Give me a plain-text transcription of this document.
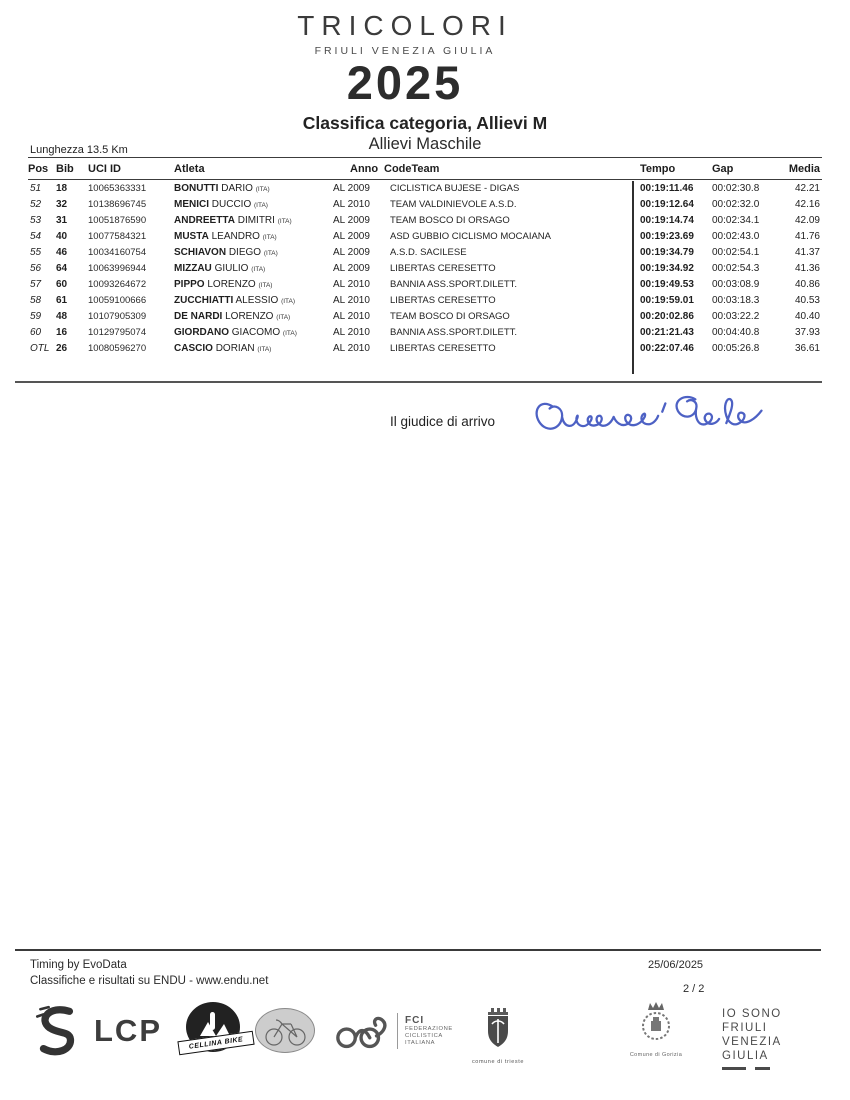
TRICOLORI
FRIULI VENEZIA GIULIA
2025
Classifica categoria, Allievi M
Allievi Maschile
Lunghezza 13.5 Km
Pos	Bib	UCI ID	Atleta	Anno	CodeTeam	Tempo	Gap	Media
51	18	10065363331	BONUTTI DARIO (ITA)	AL 2009	CICLISTICA BUJESE - DIGAS	00:19:11.46	00:02:30.8	42.21
52	32	10138696745	MENICI DUCCIO (ITA)	AL 2010	TEAM VALDINIEVOLE A.S.D.	00:19:12.64	00:02:32.0	42.16
53	31	10051876590	ANDREETTA DIMITRI (ITA)	AL 2009	TEAM BOSCO DI ORSAGO	00:19:14.74	00:02:34.1	42.09
54	40	10077584321	MUSTA LEANDRO (ITA)	AL 2009	ASD GUBBIO CICLISMO MOCAIANA	00:19:23.69	00:02:43.0	41.76
55	46	10034160754	SCHIAVON DIEGO (ITA)	AL 2009	A.S.D. SACILESE	00:19:34.79	00:02:54.1	41.37
56	64	10063996944	MIZZAU GIULIO (ITA)	AL 2009	LIBERTAS CERESETTO	00:19:34.92	00:02:54.3	41.36
57	60	10093264672	PIPPO LORENZO (ITA)	AL 2010	BANNIA ASS.SPORT.DILETT.	00:19:49.53	00:03:08.9	40.86
58	61	10059100666	ZUCCHIATTI ALESSIO (ITA)	AL 2010	LIBERTAS CERESETTO	00:19:59.01	00:03:18.3	40.53
59	48	10107905309	DE NARDI LORENZO (ITA)	AL 2010	TEAM BOSCO DI ORSAGO	00:20:02.86	00:03:22.2	40.40
60	16	10129795074	GIORDANO GIACOMO (ITA)	AL 2010	BANNIA ASS.SPORT.DILETT.	00:21:21.43	00:04:40.8	37.93
OTL	26	10080596270	CASCIO DORIAN (ITA)	AL 2010	LIBERTAS CERESETTO	00:22:07.46	00:05:26.8	36.61
Il giudice di arrivo
Timing by EvoData
Classifiche e risultati su ENDU - www.endu.net
25/06/2025
2 / 2
LCP	CELLINA BIKE
FCI
FEDERAZIONE
CICLISTICA
ITALIANA
comune di trieste
Comune di Gorizia
IO SONO
FRIULI
VENEZIA
GIULIA
